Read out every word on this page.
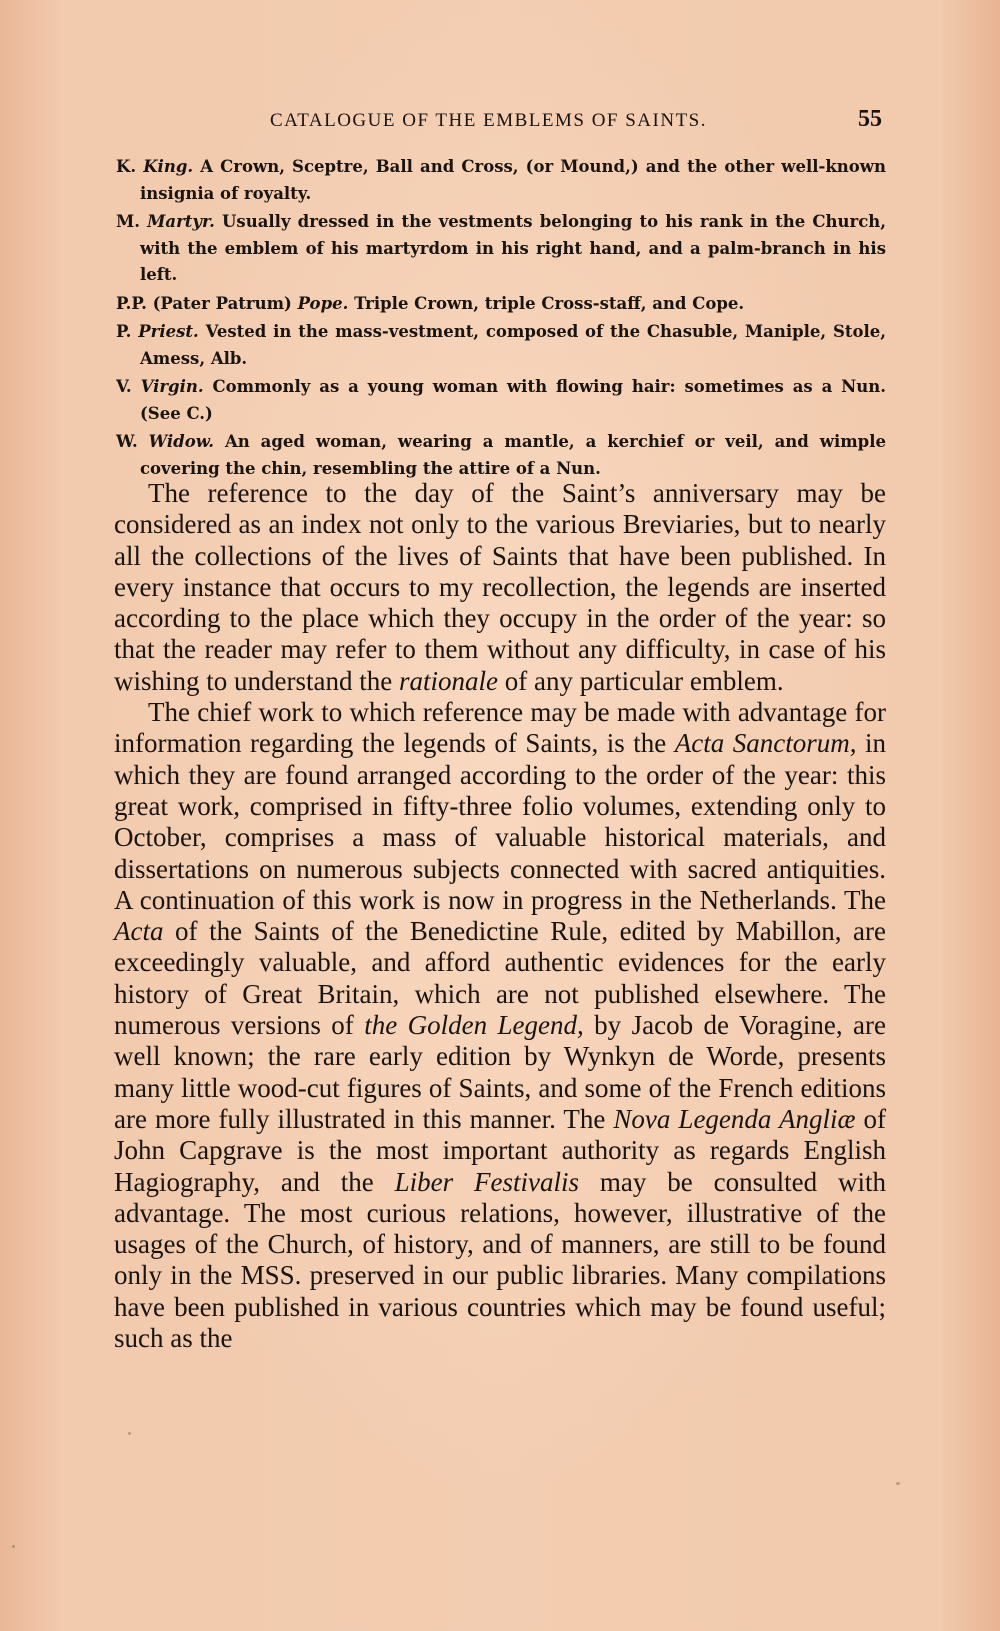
CATALOGUE OF THE EMBLEMS OF SAINTS.	55

K. King. A Crown, Sceptre, Ball and Cross, (or Mound,) and the other well-known insignia of royalty.

M. Martyr. Usually dressed in the vestments belonging to his rank in the Church, with the emblem of his martyrdom in his right hand, and a palm-branch in his left.

P.P. (Pater Patrum) Pope. Triple Crown, triple Cross-staff, and Cope.

P. Priest. Vested in the mass-vestment, composed of the Chasuble, Maniple, Stole, Amess, Alb.

V. Virgin. Commonly as a young woman with flowing hair: sometimes as a Nun. (See C.)

W. Widow. An aged woman, wearing a mantle, a kerchief or veil, and wimple covering the chin, resembling the attire of a Nun.

The reference to the day of the Saint’s anniversary may be considered as an index not only to the various Breviaries, but to nearly all the collections of the lives of Saints that have been published. In every instance that occurs to my recollection, the legends are inserted according to the place which they occupy in the order of the year: so that the reader may refer to them without any difficulty, in case of his wishing to understand the rationale of any particular emblem.

The chief work to which reference may be made with advantage for information regarding the legends of Saints, is the Acta Sanctorum, in which they are found arranged according to the order of the year: this great work, comprised in fifty-three folio volumes, extending only to October, comprises a mass of valuable historical materials, and dissertations on numerous subjects connected with sacred antiquities. A continuation of this work is now in progress in the Netherlands. The Acta of the Saints of the Benedictine Rule, edited by Mabillon, are exceedingly valuable, and afford authentic evidences for the early history of Great Britain, which are not published elsewhere. The numerous versions of the Golden Legend, by Jacob de Voragine, are well known; the rare early edition by Wynkyn de Worde, presents many little wood-cut figures of Saints, and some of the French editions are more fully illustrated in this manner. The Nova Legenda Angliæ of John Capgrave is the most important authority as regards English Hagiography, and the Liber Festivalis may be consulted with advantage. The most curious relations, however, illustrative of the usages of the Church, of history, and of manners, are still to be found only in the MSS. preserved in our public libraries. Many compilations have been published in various countries which may be found useful; such as the
